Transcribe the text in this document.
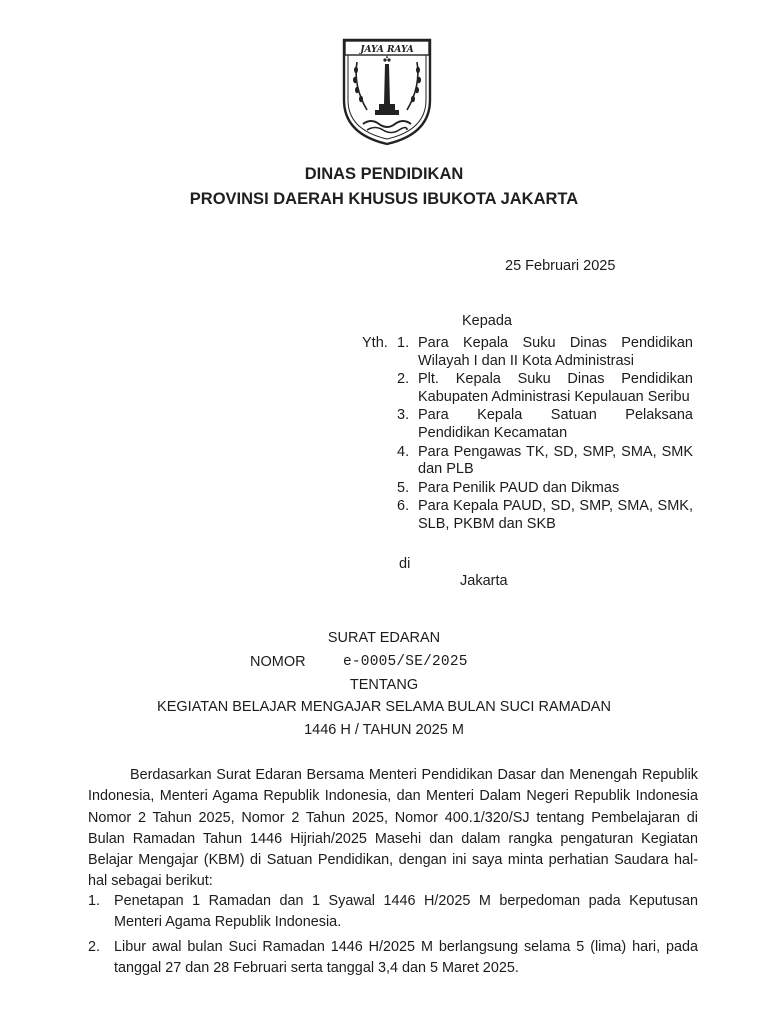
JAYA RAYA
DINAS PENDIDIKAN
PROVINSI DAERAH KHUSUS IBUKOTA JAKARTA
25 Februari 2025
Kepada
Yth. 1. Para Kepala Suku Dinas Pendidikan Wilayah I dan II Kota Administrasi
2. Plt. Kepala Suku Dinas Pendidikan Kabupaten Administrasi Kepulauan Seribu
3. Para Kepala Satuan Pelaksana Pendidikan Kecamatan
4. Para Pengawas TK, SD, SMP, SMA, SMK dan PLB
5. Para Penilik PAUD dan Dikmas
6. Para Kepala PAUD, SD, SMP, SMA, SMK, SLB, PKBM dan SKB
di
Jakarta
SURAT EDARAN
NOMOR	e-0005/SE/2025
TENTANG
KEGIATAN BELAJAR MENGAJAR SELAMA BULAN SUCI RAMADAN
1446 H / TAHUN 2025 M

Berdasarkan Surat Edaran Bersama Menteri Pendidikan Dasar dan Menengah Republik Indonesia, Menteri Agama Republik Indonesia, dan Menteri Dalam Negeri Republik Indonesia Nomor 2 Tahun 2025, Nomor 2 Tahun 2025, Nomor 400.1/320/SJ tentang Pembelajaran di Bulan Ramadan Tahun 1446 Hijriah/2025 Masehi dan dalam rangka pengaturan Kegiatan Belajar Mengajar (KBM) di Satuan Pendidikan, dengan ini saya minta perhatian Saudara hal-hal sebagai berikut:

1. Penetapan 1 Ramadan dan 1 Syawal 1446 H/2025 M berpedoman pada Keputusan Menteri Agama Republik Indonesia.
2. Libur awal bulan Suci Ramadan 1446 H/2025 M berlangsung selama 5 (lima) hari, pada tanggal 27 dan 28 Februari serta tanggal 3,4 dan 5 Maret 2025.
